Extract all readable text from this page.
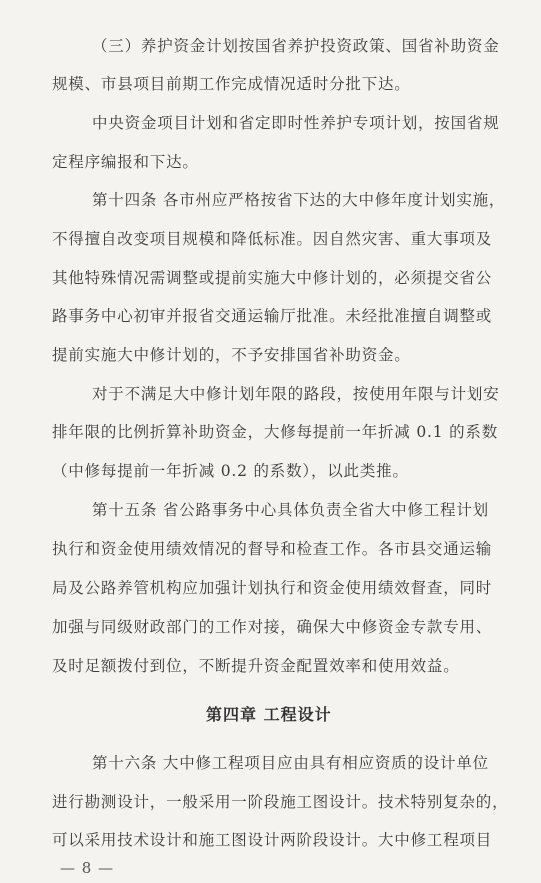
（三）养护资金计划按国省养护投资政策、国省补助资金
规模、市县项目前期工作完成情况适时分批下达。
中央资金项目计划和省定即时性养护专项计划，按国省规
定程序编报和下达。
第十四条 各市州应严格按省下达的大中修年度计划实施，
不得擅自改变项目规模和降低标准。因自然灾害、重大事项及
其他特殊情况需调整或提前实施大中修计划的，必须提交省公
路事务中心初审并报省交通运输厅批准。未经批准擅自调整或
提前实施大中修计划的，不予安排国省补助资金。
对于不满足大中修计划年限的路段，按使用年限与计划安
排年限的比例折算补助资金，大修每提前一年折减 0.1 的系数
（中修每提前一年折减 0.2 的系数），以此类推。
第十五条 省公路事务中心具体负责全省大中修工程计划
执行和资金使用绩效情况的督导和检查工作。各市县交通运输
局及公路养管机构应加强计划执行和资金使用绩效督查，同时
加强与同级财政部门的工作对接，确保大中修资金专款专用、
及时足额拨付到位，不断提升资金配置效率和使用效益。
第四章 工程设计
第十六条 大中修工程项目应由具有相应资质的设计单位
进行勘测设计，一般采用一阶段施工图设计。技术特别复杂的，
可以采用技术设计和施工图设计两阶段设计。大中修工程项目
— 8 —
